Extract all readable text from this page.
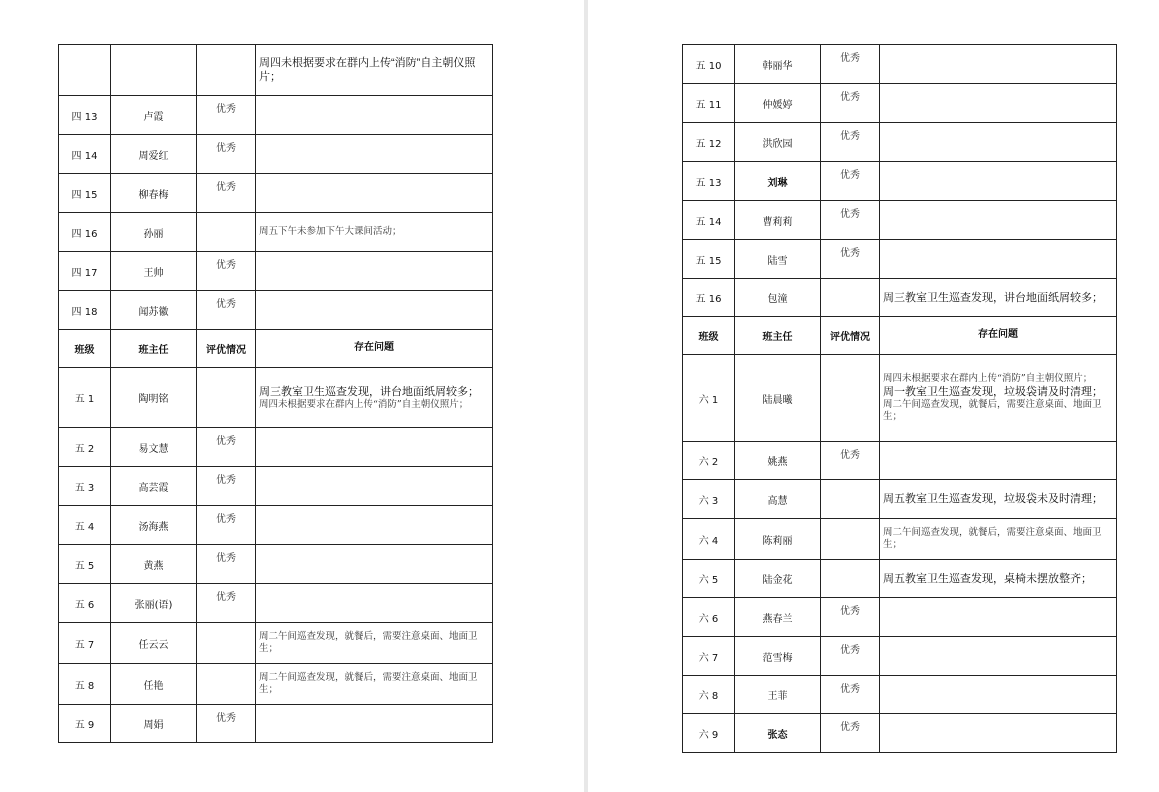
			周四未根据要求在群内上传“消防”自主朝仪照片；

四 13	卢霞	优秀	
四 14	周爱红	优秀	
四 15	柳春梅	优秀	
四 16	孙丽		周五下午未参加下午大课间活动；

四 17	王帅	优秀	
四 18	闻苏徽	优秀	
班级	班主任	评优情况	存在问题
五 1	陶明铭		周三教室卫生巡查发现，讲台地面纸屑较多；
周四未根据要求在群内上传“消防”自主朝仪照片；

五 2	易文慧	优秀	
五 3	高芸霞	优秀	
五 4	汤海燕	优秀	
五 5	黄燕	优秀	
五 6	张丽(语)	优秀	
五 7	任云云		周二午间巡查发现，就餐后，需要注意桌面、地面卫生；

五 8	任艳		周二午间巡查发现，就餐后，需要注意桌面、地面卫生；

五 9	周娟	优秀	
五 10	韩丽华	优秀	
五 11	仲媛婷	优秀	
五 12	洪欣园	优秀	
五 13	刘琳	优秀	
五 14	曹莉莉	优秀	
五 15	陆雪	优秀	
五 16	包潼		周三教室卫生巡查发现，讲台地面纸屑较多；

班级	班主任	评优情况	存在问题
六 1	陆晨曦		周四未根据要求在群内上传“消防”自主朝仪照片；
周一教室卫生巡查发现，垃圾袋请及时清理；
周二午间巡查发现，就餐后，需要注意桌面、地面卫生；

六 2	姚燕	优秀	
六 3	高慧		周五教室卫生巡查发现，垃圾袋未及时清理；

六 4	陈莉丽		周二午间巡查发现，就餐后，需要注意桌面、地面卫生；

六 5	陆金花		周五教室卫生巡查发现，桌椅未摆放整齐；

六 6	燕春兰	优秀	
六 7	范雪梅	优秀	
六 8	王菲	优秀	
六 9	张态	优秀	
